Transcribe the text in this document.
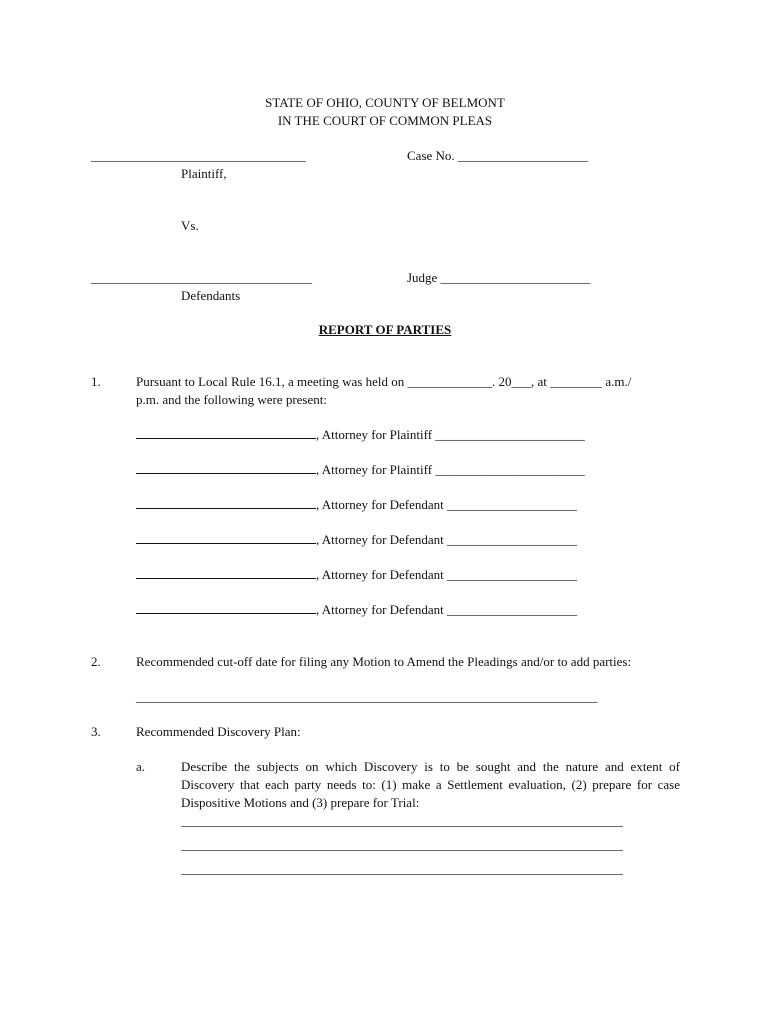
STATE OF OHIO, COUNTY OF BELMONT
IN THE COURT OF COMMON PLEAS
_________________________________	Case No. ____________________
Plaintiff,
Vs.
__________________________________	Judge _______________________
Defendants
REPORT OF PARTIES
1.	Pursuant to Local Rule 16.1, a meeting was held on _____________. 20___, at ________ a.m./
p.m. and the following were present:
, Attorney for Plaintiff _______________________
, Attorney for Plaintiff _______________________
, Attorney for Defendant ____________________
, Attorney for Defendant ____________________
, Attorney for Defendant ____________________
, Attorney for Defendant ____________________
2.	Recommended cut-off date for filing any Motion to Amend the Pleadings and/or to add parties:
_______________________________________________________________________
3.	Recommended Discovery Plan:
a.	Describe the subjects on which Discovery is to be sought and the nature and extent of Discovery that each party needs to: (1) make a Settlement evaluation, (2) prepare for case Dispositive Motions and (3) prepare for Trial:
____________________________________________________________________
____________________________________________________________________
____________________________________________________________________
